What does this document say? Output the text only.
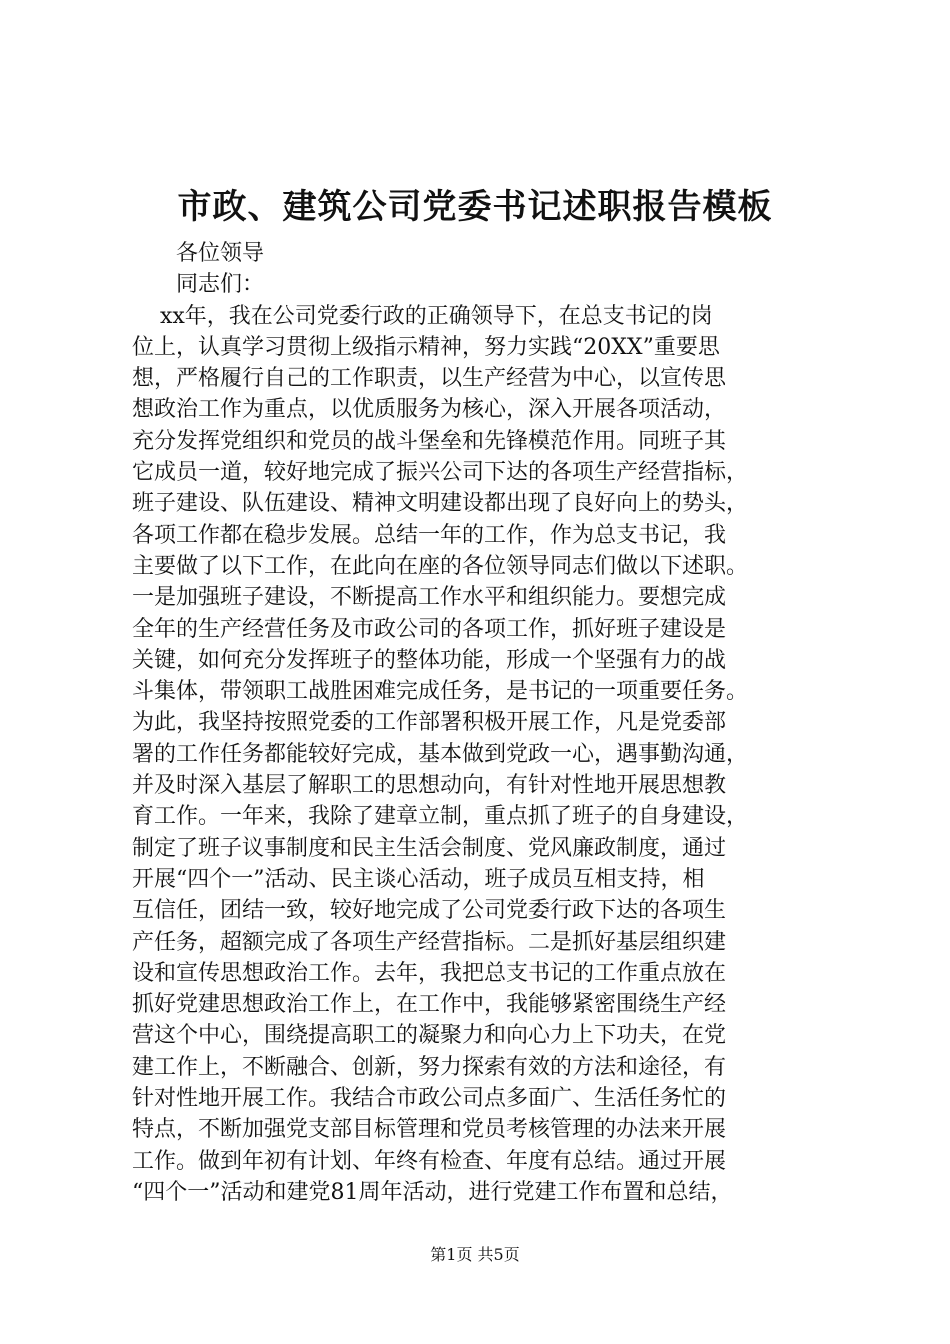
市政、建筑公司党委书记述职报告模板
各位领导
同志们：
xx年，我在公司党委行政的正确领导下，在总支书记的岗
位上，认真学习贯彻上级指示精神，努力实践“20XX”重要思
想，严格履行自己的工作职责，以生产经营为中心，以宣传思
想政治工作为重点，以优质服务为核心，深入开展各项活动，
充分发挥党组织和党员的战斗堡垒和先锋模范作用。同班子其
它成员一道，较好地完成了振兴公司下达的各项生产经营指标，
班子建设、队伍建设、精神文明建设都出现了良好向上的势头，
各项工作都在稳步发展。总结一年的工作，作为总支书记，我
主要做了以下工作，在此向在座的各位领导同志们做以下述职。
一是加强班子建设，不断提高工作水平和组织能力。要想完成
全年的生产经营任务及市政公司的各项工作，抓好班子建设是
关键，如何充分发挥班子的整体功能，形成一个坚强有力的战
斗集体，带领职工战胜困难完成任务，是书记的一项重要任务。
为此，我坚持按照党委的工作部署积极开展工作，凡是党委部
署的工作任务都能较好完成，基本做到党政一心，遇事勤沟通，
并及时深入基层了解职工的思想动向，有针对性地开展思想教
育工作。一年来，我除了建章立制，重点抓了班子的自身建设，
制定了班子议事制度和民主生活会制度、党风廉政制度，通过
开展“四个一”活动、民主谈心活动，班子成员互相支持，相
互信任，团结一致，较好地完成了公司党委行政下达的各项生
产任务，超额完成了各项生产经营指标。二是抓好基层组织建
设和宣传思想政治工作。去年，我把总支书记的工作重点放在
抓好党建思想政治工作上，在工作中，我能够紧密围绕生产经
营这个中心，围绕提高职工的凝聚力和向心力上下功夫，在党
建工作上，不断融合、创新，努力探索有效的方法和途径，有
针对性地开展工作。我结合市政公司点多面广、生活任务忙的
特点，不断加强党支部目标管理和党员考核管理的办法来开展
工作。做到年初有计划、年终有检查、年度有总结。通过开展
“四个一”活动和建党81周年活动，进行党建工作布置和总结，
第1页 共5页
